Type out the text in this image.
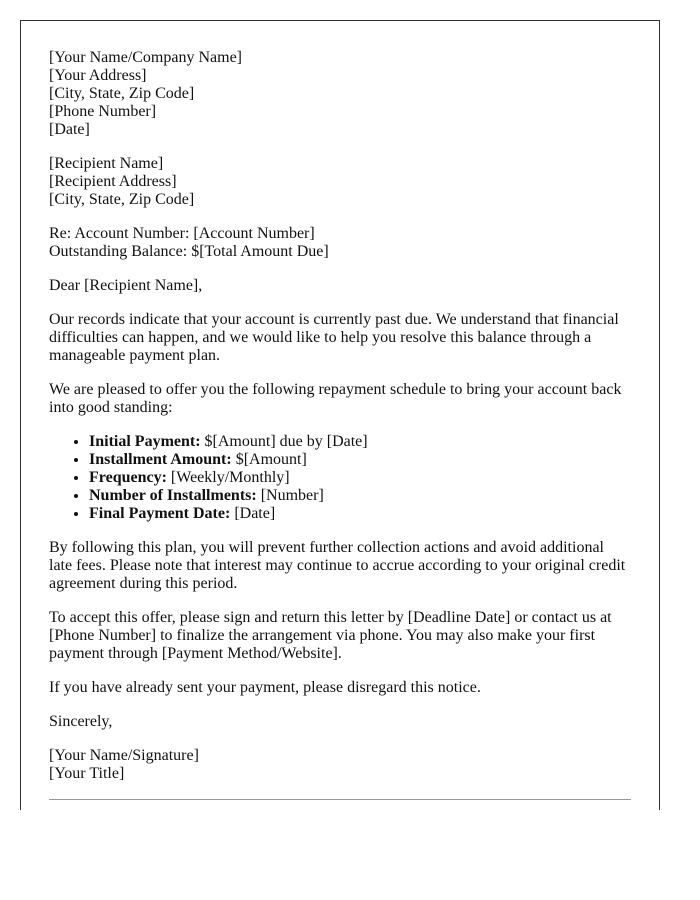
[Your Name/Company Name]
[Your Address]
[City, State, Zip Code]
[Phone Number]
[Date]
[Recipient Name]
[Recipient Address]
[City, State, Zip Code]
Re: Account Number: [Account Number]
Outstanding Balance: $[Total Amount Due]

Dear [Recipient Name],

Our records indicate that your account is currently past due. We understand that financial difficulties can happen, and we would like to help you resolve this balance through a manageable payment plan.

We are pleased to offer you the following repayment schedule to bring your account back into good standing:

• Initial Payment: $[Amount] due by [Date]
• Installment Amount: $[Amount]
• Frequency: [Weekly/Monthly]
• Number of Installments: [Number]
• Final Payment Date: [Date]

By following this plan, you will prevent further collection actions and avoid additional late fees. Please note that interest may continue to accrue according to your original credit agreement during this period.

To accept this offer, please sign and return this letter by [Deadline Date] or contact us at [Phone Number] to finalize the arrangement via phone. You may also make your first payment through [Payment Method/Website].

If you have already sent your payment, please disregard this notice.

Sincerely,

[Your Name/Signature]
[Your Title]
